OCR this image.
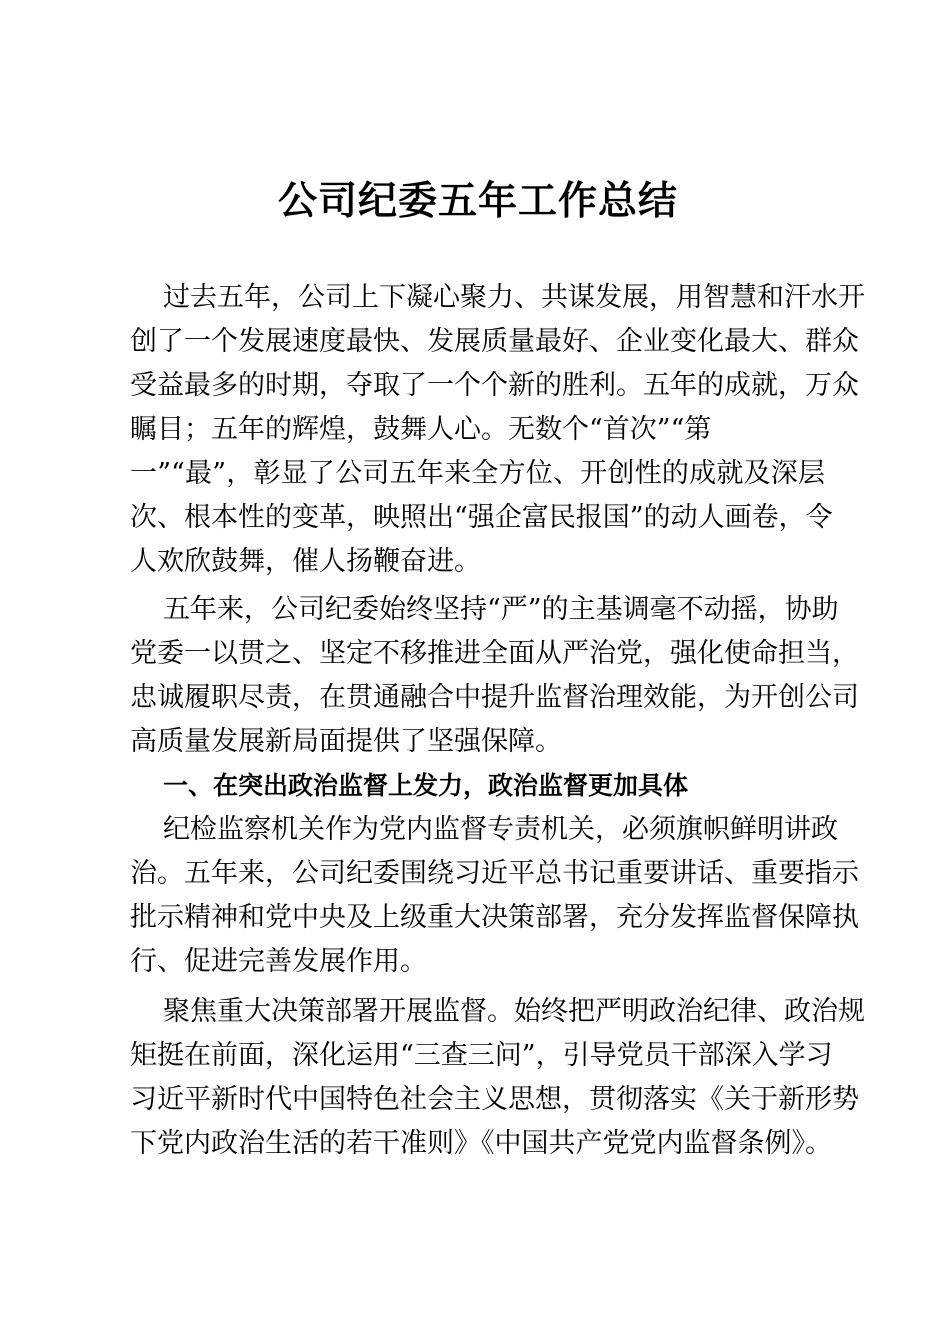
公司纪委五年工作总结
过去五年，公司上下凝心聚力、共谋发展，用智慧和汗水开
创了一个发展速度最快、发展质量最好、企业变化最大、群众
受益最多的时期，夺取了一个个新的胜利。五年的成就，万众
瞩目；五年的辉煌，鼓舞人心。无数个“首次”“第
一”“最”，彰显了公司五年来全方位、开创性的成就及深层
次、根本性的变革，映照出“强企富民报国”的动人画卷，令
人欢欣鼓舞，催人扬鞭奋进。
五年来，公司纪委始终坚持“严”的主基调毫不动摇，协助
党委一以贯之、坚定不移推进全面从严治党，强化使命担当，
忠诚履职尽责，在贯通融合中提升监督治理效能，为开创公司
高质量发展新局面提供了坚强保障。
一、在突出政治监督上发力，政治监督更加具体
纪检监察机关作为党内监督专责机关，必须旗帜鲜明讲政
治。五年来，公司纪委围绕习近平总书记重要讲话、重要指示
批示精神和党中央及上级重大决策部署，充分发挥监督保障执
行、促进完善发展作用。
聚焦重大决策部署开展监督。始终把严明政治纪律、政治规
矩挺在前面，深化运用“三查三问”，引导党员干部深入学习
习近平新时代中国特色社会主义思想，贯彻落实《关于新形势
下党内政治生活的若干准则》《中国共产党党内监督条例》。
